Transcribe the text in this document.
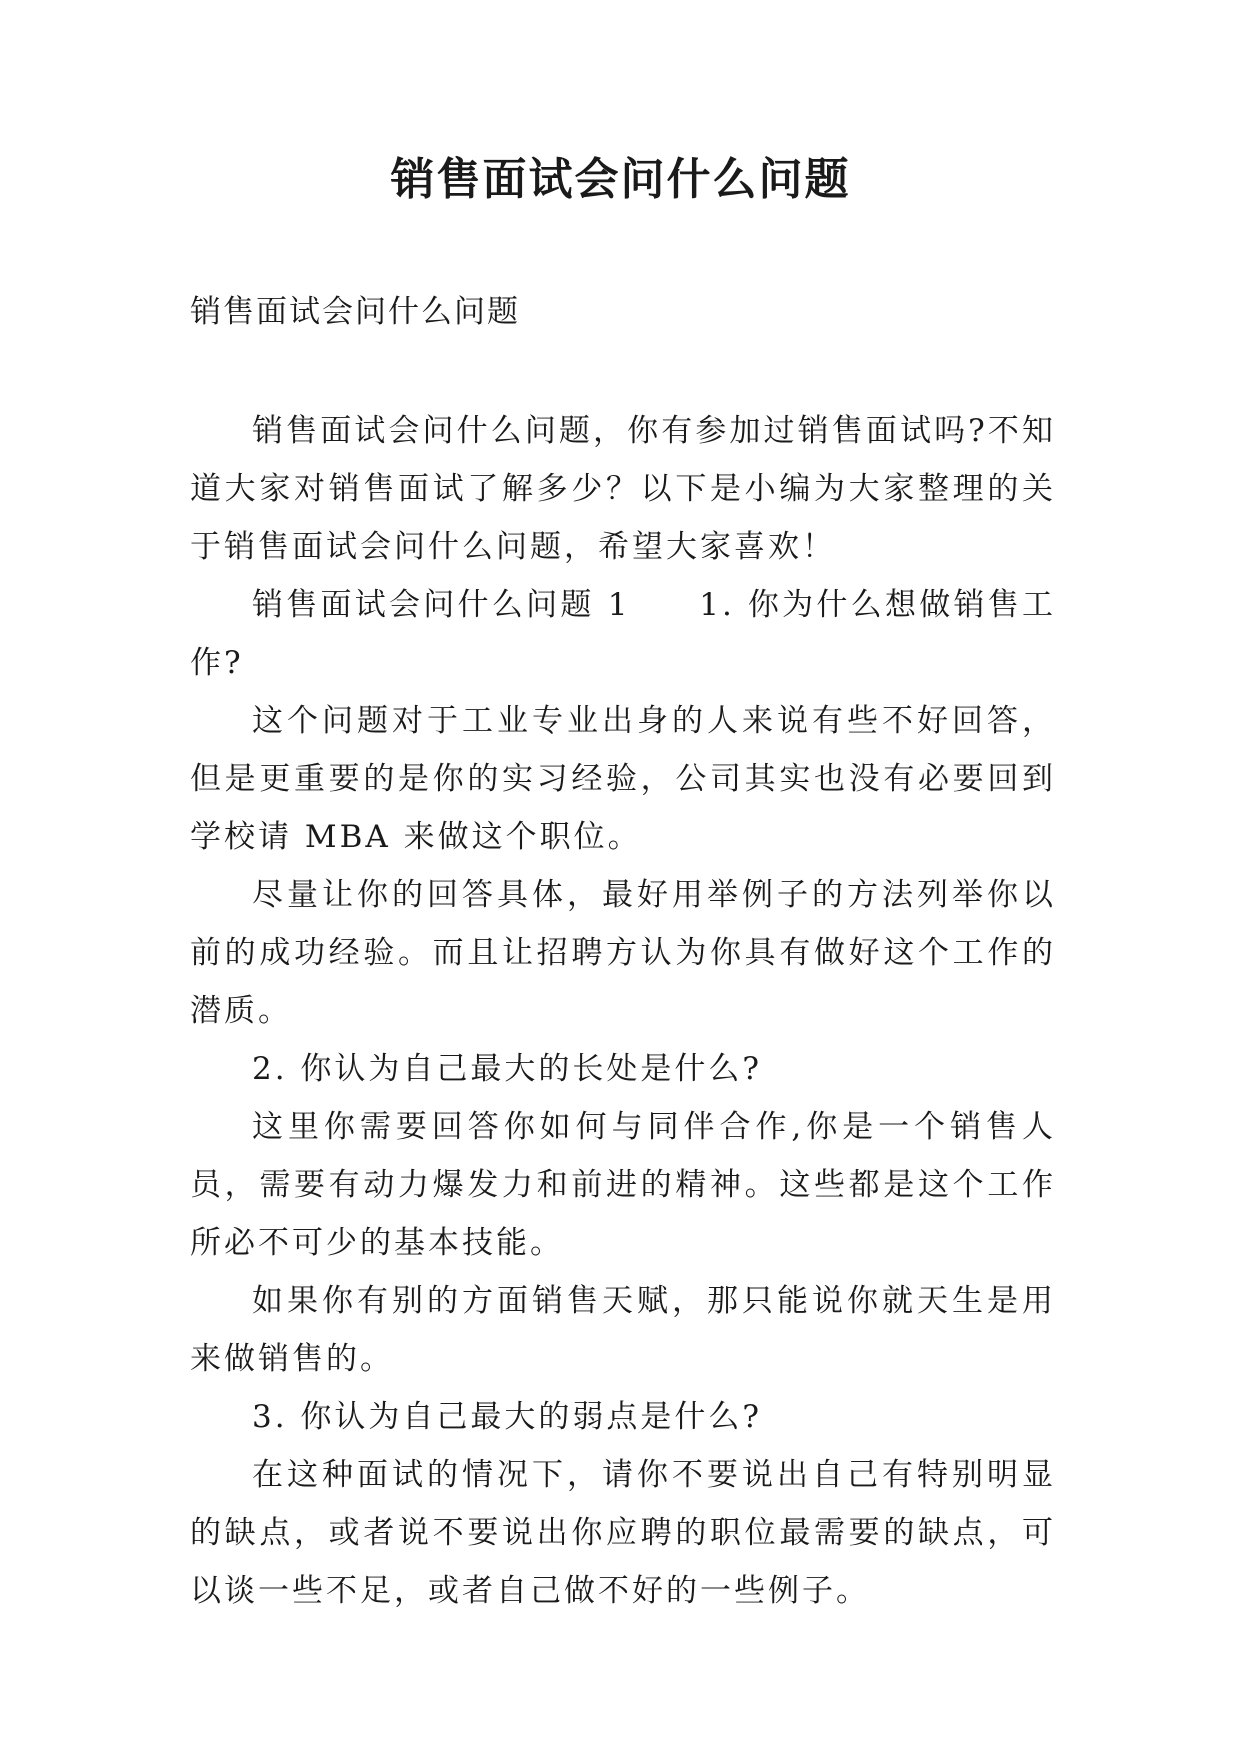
销售面试会问什么问题
销售面试会问什么问题

销售面试会问什么问题，你有参加过销售面试吗?不知道大家对销售面试了解多少？以下是小编为大家整理的关于销售面试会问什么问题，希望大家喜欢！

销售面试会问什么问题 1　　1. 你为什么想做销售工作?

这个问题对于工业专业出身的人来说有些不好回答，但是更重要的是你的实习经验，公司其实也没有必要回到学校请 MBA 来做这个职位。

尽量让你的回答具体，最好用举例子的方法列举你以前的成功经验。而且让招聘方认为你具有做好这个工作的潜质。

2. 你认为自己最大的长处是什么?

这里你需要回答你如何与同伴合作,你是一个销售人员，需要有动力爆发力和前进的精神。这些都是这个工作所必不可少的基本技能。

如果你有别的方面销售天赋，那只能说你就天生是用来做销售的。

3. 你认为自己最大的弱点是什么?

在这种面试的情况下，请你不要说出自己有特别明显的缺点，或者说不要说出你应聘的职位最需要的缺点，可以谈一些不足，或者自己做不好的一些例子。
